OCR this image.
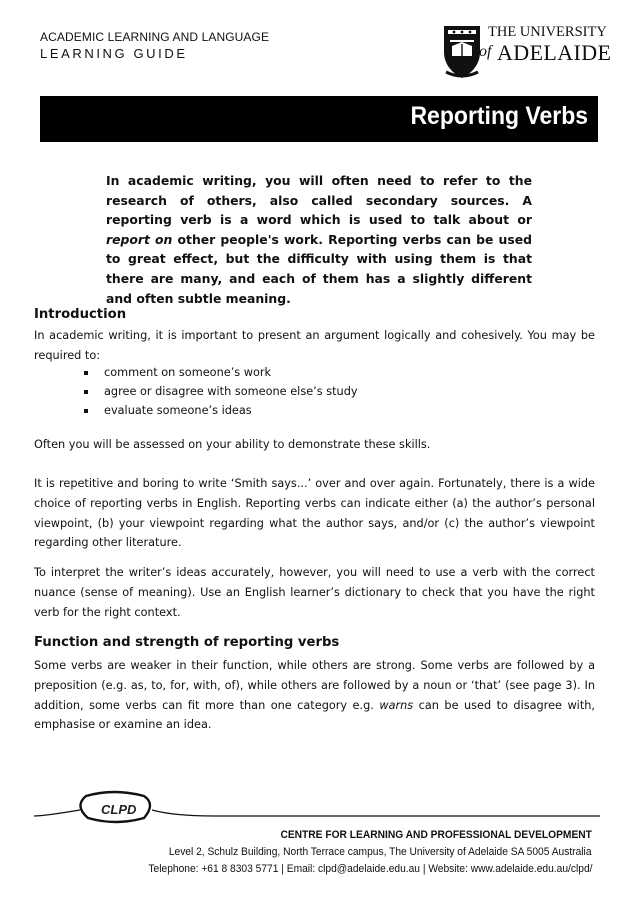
ACADEMIC LEARNING AND LANGUAGE
LEARNING GUIDE
THE UNIVERSITY
of ADELAIDE
Reporting Verbs
In academic writing, you will often need to refer to the research of others, also called secondary sources. A reporting verb is a word which is used to talk about or report on other people's work. Reporting verbs can be used to great effect, but the difficulty with using them is that there are many, and each of them has a slightly different and often subtle meaning.
Introduction
In academic writing, it is important to present an argument logically and cohesively. You may be required to:
comment on someone’s work
agree or disagree with someone else’s study
evaluate someone’s ideas
Often you will be assessed on your ability to demonstrate these skills.
It is repetitive and boring to write ‘Smith says...’ over and over again. Fortunately, there is a wide choice of reporting verbs in English. Reporting verbs can indicate either (a) the author’s personal viewpoint, (b) your viewpoint regarding what the author says, and/or (c) the author’s viewpoint regarding other literature.
To interpret the writer’s ideas accurately, however, you will need to use a verb with the correct nuance (sense of meaning). Use an English learner’s dictionary to check that you have the right verb for the right context.
Function and strength of reporting verbs
Some verbs are weaker in their function, while others are strong. Some verbs are followed by a preposition (e.g. as, to, for, with, of), while others are followed by a noun or ‘that’ (see page 3). In addition, some verbs can fit more than one category e.g. warns can be used to disagree with, emphasise or examine an idea.
CLPD
CENTRE FOR LEARNING AND PROFESSIONAL DEVELOPMENT
Level 2, Schulz Building, North Terrace campus, The University of Adelaide SA 5005 Australia
Telephone: +61 8 8303 5771 | Email: clpd@adelaide.edu.au | Website: www.adelaide.edu.au/clpd/
